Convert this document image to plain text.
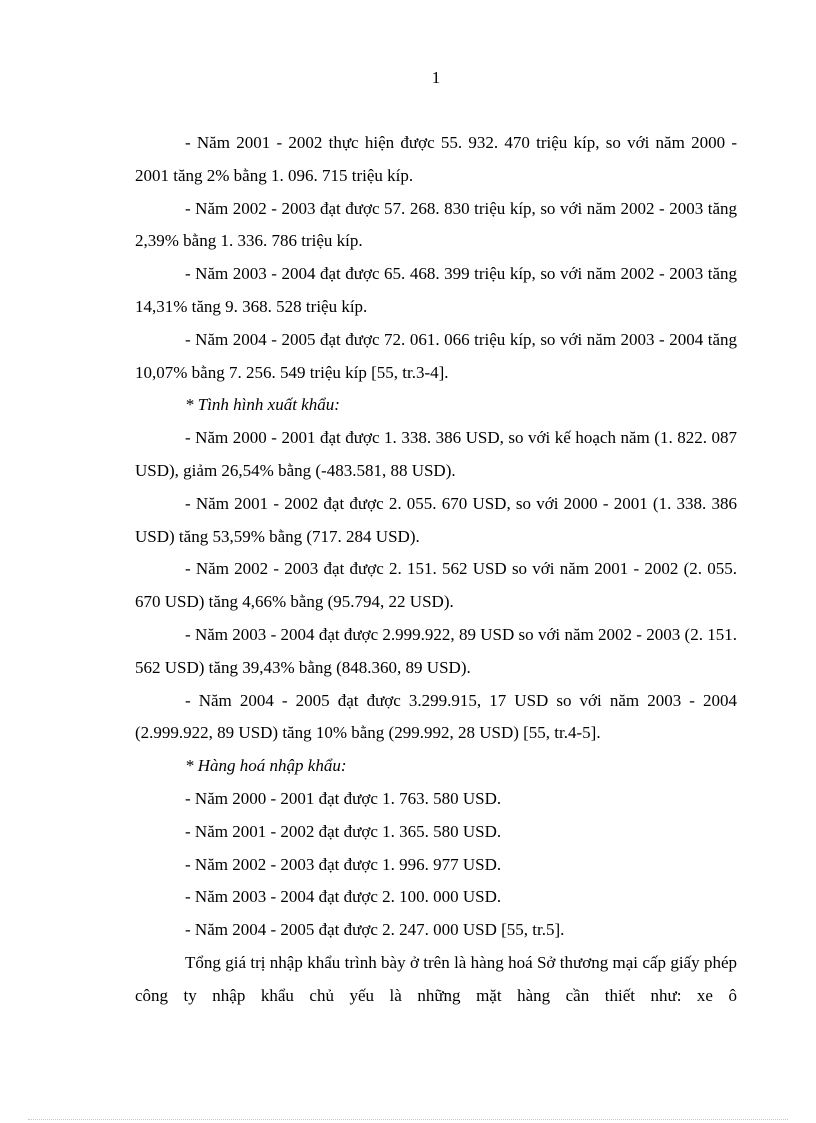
1

- Năm 2001 - 2002 thực hiện được 55. 932. 470 triệu kíp, so với năm 2000 - 2001 tăng 2% bằng 1. 096. 715 triệu kíp.

- Năm 2002 - 2003 đạt được 57. 268. 830 triệu kíp, so với năm 2002 - 2003 tăng 2,39% bằng 1. 336. 786 triệu kíp.

- Năm 2003 - 2004 đạt được 65. 468. 399 triệu kíp, so với năm 2002 - 2003 tăng 14,31% tăng 9. 368. 528 triệu kíp.

- Năm 2004 - 2005 đạt được 72. 061. 066 triệu kíp, so với năm 2003 - 2004 tăng 10,07% bằng 7. 256. 549 triệu kíp [55, tr.3-4].

* Tình hình xuất khẩu:

- Năm 2000 - 2001 đạt được 1. 338. 386 USD, so với kế hoạch năm (1. 822. 087 USD), giảm 26,54% bằng (-483.581, 88 USD).

- Năm 2001 - 2002 đạt được 2. 055. 670 USD, so với 2000 - 2001 (1. 338. 386 USD) tăng 53,59% bằng (717. 284 USD).

- Năm 2002 - 2003 đạt được 2. 151. 562 USD so với năm 2001 - 2002 (2. 055. 670 USD) tăng 4,66% bằng (95.794, 22 USD).

- Năm 2003 - 2004 đạt được 2.999.922, 89 USD so với năm 2002 - 2003 (2. 151. 562 USD) tăng 39,43% bằng (848.360, 89 USD).

- Năm 2004 - 2005 đạt được 3.299.915, 17 USD so với năm 2003 - 2004 (2.999.922, 89 USD) tăng 10% bằng (299.992, 28 USD) [55, tr.4-5].

* Hàng hoá nhập khẩu:

- Năm 2000 - 2001 đạt được 1. 763. 580 USD.

- Năm 2001 - 2002 đạt được 1. 365. 580 USD.

- Năm 2002 - 2003 đạt được 1. 996. 977 USD.

- Năm 2003 - 2004 đạt được 2. 100. 000 USD.

- Năm 2004 - 2005 đạt được 2. 247. 000 USD [55, tr.5].

Tổng giá trị nhập khẩu trình bày ở trên là hàng hoá Sở thương mại cấp giấy phép công ty nhập khẩu chủ yếu là những mặt hàng cần thiết như: xe ô
